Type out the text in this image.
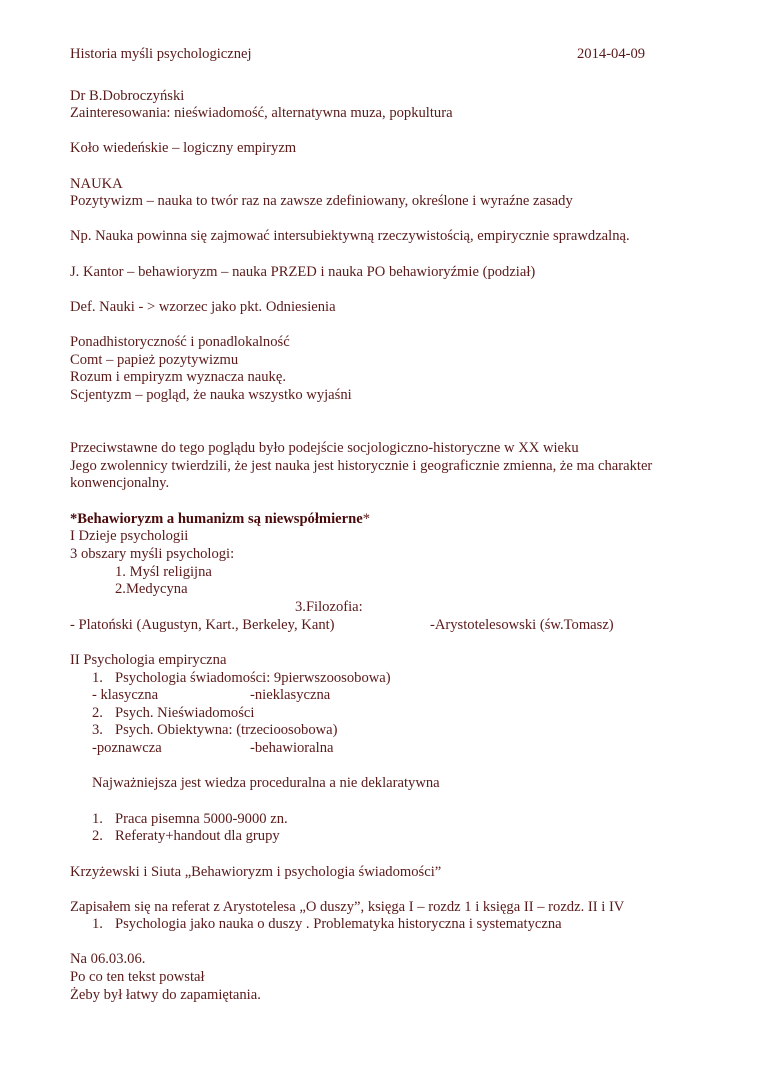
Historia myśli psychologicznej	2014-04-09
Dr B.Dobroczyński
Zainteresowania: nieświadomość, alternatywna muza, popkultura
Koło wiedeńskie – logiczny empiryzm
NAUKA
Pozytywizm – nauka to twór raz na zawsze zdefiniowany, określone i wyraźne zasady
Np. Nauka powinna się zajmować intersubiektywną rzeczywistością, empirycznie sprawdzalną.
J. Kantor – behawioryzm – nauka PRZED i nauka PO behawioryźmie (podział)
Def. Nauki - > wzorzec jako pkt. Odniesienia
Ponadhistoryczność i ponadlokalność
Comt – papież pozytywizmu
Rozum i empiryzm wyznacza naukę.
Scjentyzm – pogląd, że nauka wszystko wyjaśni
Przeciwstawne do tego poglądu było podejście socjologiczno-historyczne w XX wieku
Jego zwolennicy twierdzili, że jest nauka jest historycznie i geograficznie zmienna, że ma charakter
konwencjonalny.
*Behawioryzm a humanizm są niewspółmierne*
I Dzieje psychologii
3 obszary myśli psychologi:
1. Myśl religijna
2.Medycyna
3.Filozofia:
- Platoński (Augustyn, Kart., Berkeley, Kant)	-Arystotelesowski (św.Tomasz)
II Psychologia empiryczna
1. Psychologia świadomości: 9pierwszoosobowa)
- klasyczna	-nieklasyczna
2. Psych. Nieświadomości
3. Psych. Obiektywna: (trzecioosobowa)
-poznawcza	-behawioralna
Najważniejsza jest wiedza proceduralna a nie deklaratywna
1. Praca pisemna 5000-9000 zn.
2. Referaty+handout dla grupy
Krzyżewski i Siuta „Behawioryzm i psychologia świadomości”
Zapisałem się na referat z Arystotelesa „O duszy”, księga I – rozdz 1 i księga II – rozdz. II i IV
1. Psychologia jako nauka o duszy . Problematyka historyczna i systematyczna
Na 06.03.06.
Po co ten tekst powstał
Żeby był łatwy do zapamiętania.
